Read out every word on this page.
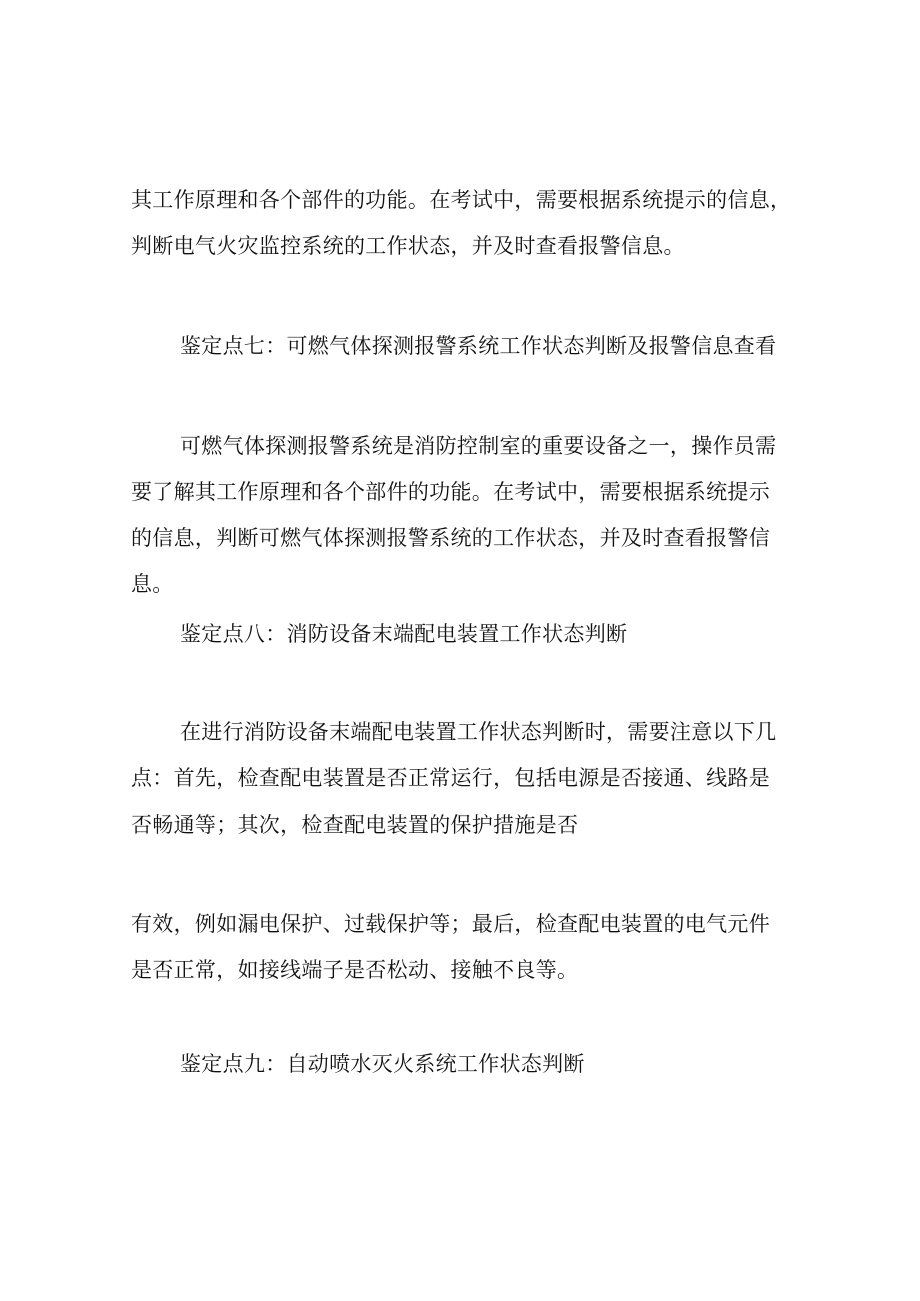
其工作原理和各个部件的功能。在考试中，需要根据系统提示的信息，
判断电气火灾监控系统的工作状态，并及时查看报警信息。
鉴定点七：可燃气体探测报警系统工作状态判断及报警信息查看
可燃气体探测报警系统是消防控制室的重要设备之一，操作员需
要了解其工作原理和各个部件的功能。在考试中，需要根据系统提示
的信息，判断可燃气体探测报警系统的工作状态，并及时查看报警信
息。
鉴定点八：消防设备末端配电装置工作状态判断
在进行消防设备末端配电装置工作状态判断时，需要注意以下几
点：首先，检查配电装置是否正常运行，包括电源是否接通、线路是
否畅通等；其次，检查配电装置的保护措施是否
有效，例如漏电保护、过载保护等；最后，检查配电装置的电气元件
是否正常，如接线端子是否松动、接触不良等。
鉴定点九：自动喷水灭火系统工作状态判断
